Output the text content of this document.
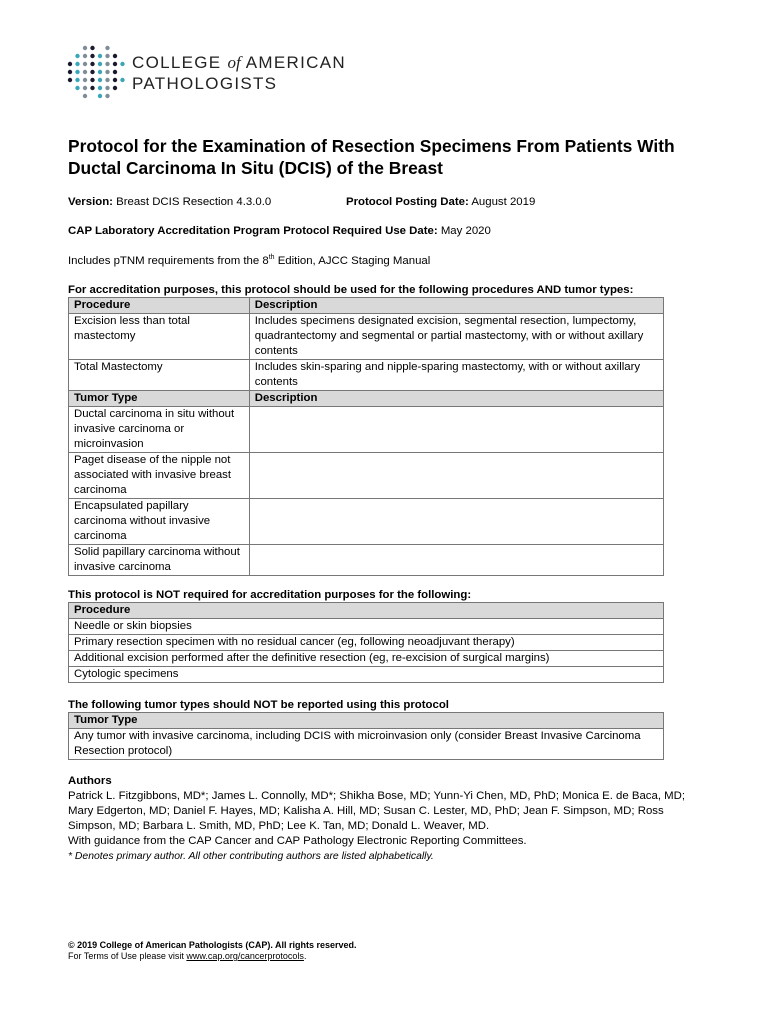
COLLEGE of AMERICAN
PATHOLOGISTS
Protocol for the Examination of Resection Specimens From Patients With Ductal Carcinoma In Situ (DCIS) of the Breast
Version: Breast DCIS Resection 4.3.0.0	Protocol Posting Date: August 2019
CAP Laboratory Accreditation Program Protocol Required Use Date: May 2020
Includes pTNM requirements from the 8th Edition, AJCC Staging Manual
For accreditation purposes, this protocol should be used for the following procedures AND tumor types:
Procedure	Description
Excision less than total mastectomy	Includes specimens designated excision, segmental resection, lumpectomy, quadrantectomy and segmental or partial mastectomy, with or without axillary contents
Total Mastectomy	Includes skin-sparing and nipple-sparing mastectomy, with or without axillary contents
Tumor Type	Description
Ductal carcinoma in situ without invasive carcinoma or microinvasion	
Paget disease of the nipple not associated with invasive breast carcinoma	
Encapsulated papillary carcinoma without invasive carcinoma	
Solid papillary carcinoma without invasive carcinoma	
This protocol is NOT required for accreditation purposes for the following:
Procedure
Needle or skin biopsies
Primary resection specimen with no residual cancer (eg, following neoadjuvant therapy)
Additional excision performed after the definitive resection (eg, re-excision of surgical margins)
Cytologic specimens
The following tumor types should NOT be reported using this protocol
Tumor Type
Any tumor with invasive carcinoma, including DCIS with microinvasion only (consider Breast Invasive Carcinoma Resection protocol)
Authors
Patrick L. Fitzgibbons, MD*; James L. Connolly, MD*; Shikha Bose, MD; Yunn-Yi Chen, MD, PhD; Monica E. de Baca, MD; Mary Edgerton, MD; Daniel F. Hayes, MD; Kalisha A. Hill, MD; Susan C. Lester, MD, PhD; Jean F. Simpson, MD; Ross Simpson, MD; Barbara L. Smith, MD, PhD; Lee K. Tan, MD; Donald L. Weaver, MD.
With guidance from the CAP Cancer and CAP Pathology Electronic Reporting Committees.
* Denotes primary author. All other contributing authors are listed alphabetically.
© 2019 College of American Pathologists (CAP). All rights reserved.
For Terms of Use please visit www.cap.org/cancerprotocols.
